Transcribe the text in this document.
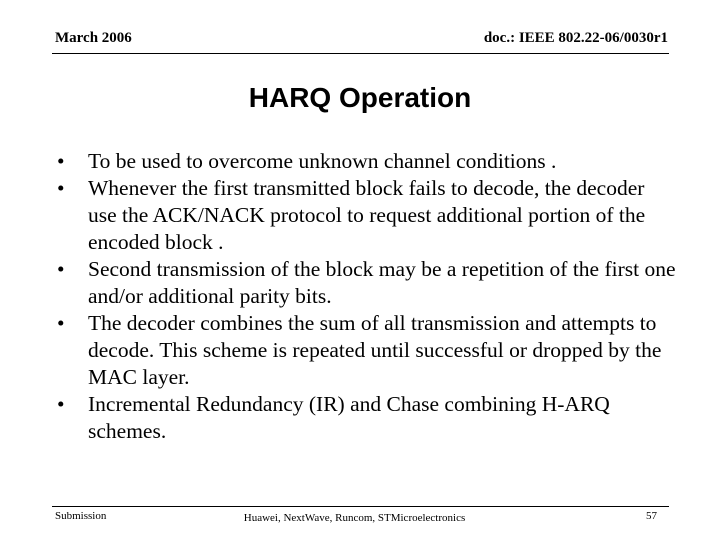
March 2006	doc.: IEEE 802.22-06/0030r1
HARQ Operation
•	To be used to overcome unknown channel conditions .
•	Whenever the first transmitted block fails to decode, the decoder use the ACK/NACK protocol to request additional portion of the encoded block .
•	Second transmission of the block may be a repetition of the first one and/or additional parity bits.
•	The decoder combines the sum of all transmission and attempts to decode. This scheme is repeated until successful or dropped by the MAC layer.
•	Incremental Redundancy (IR) and Chase combining H-ARQ schemes.
Submission	Huawei, NextWave, Runcom, STMicroelectronics	57
